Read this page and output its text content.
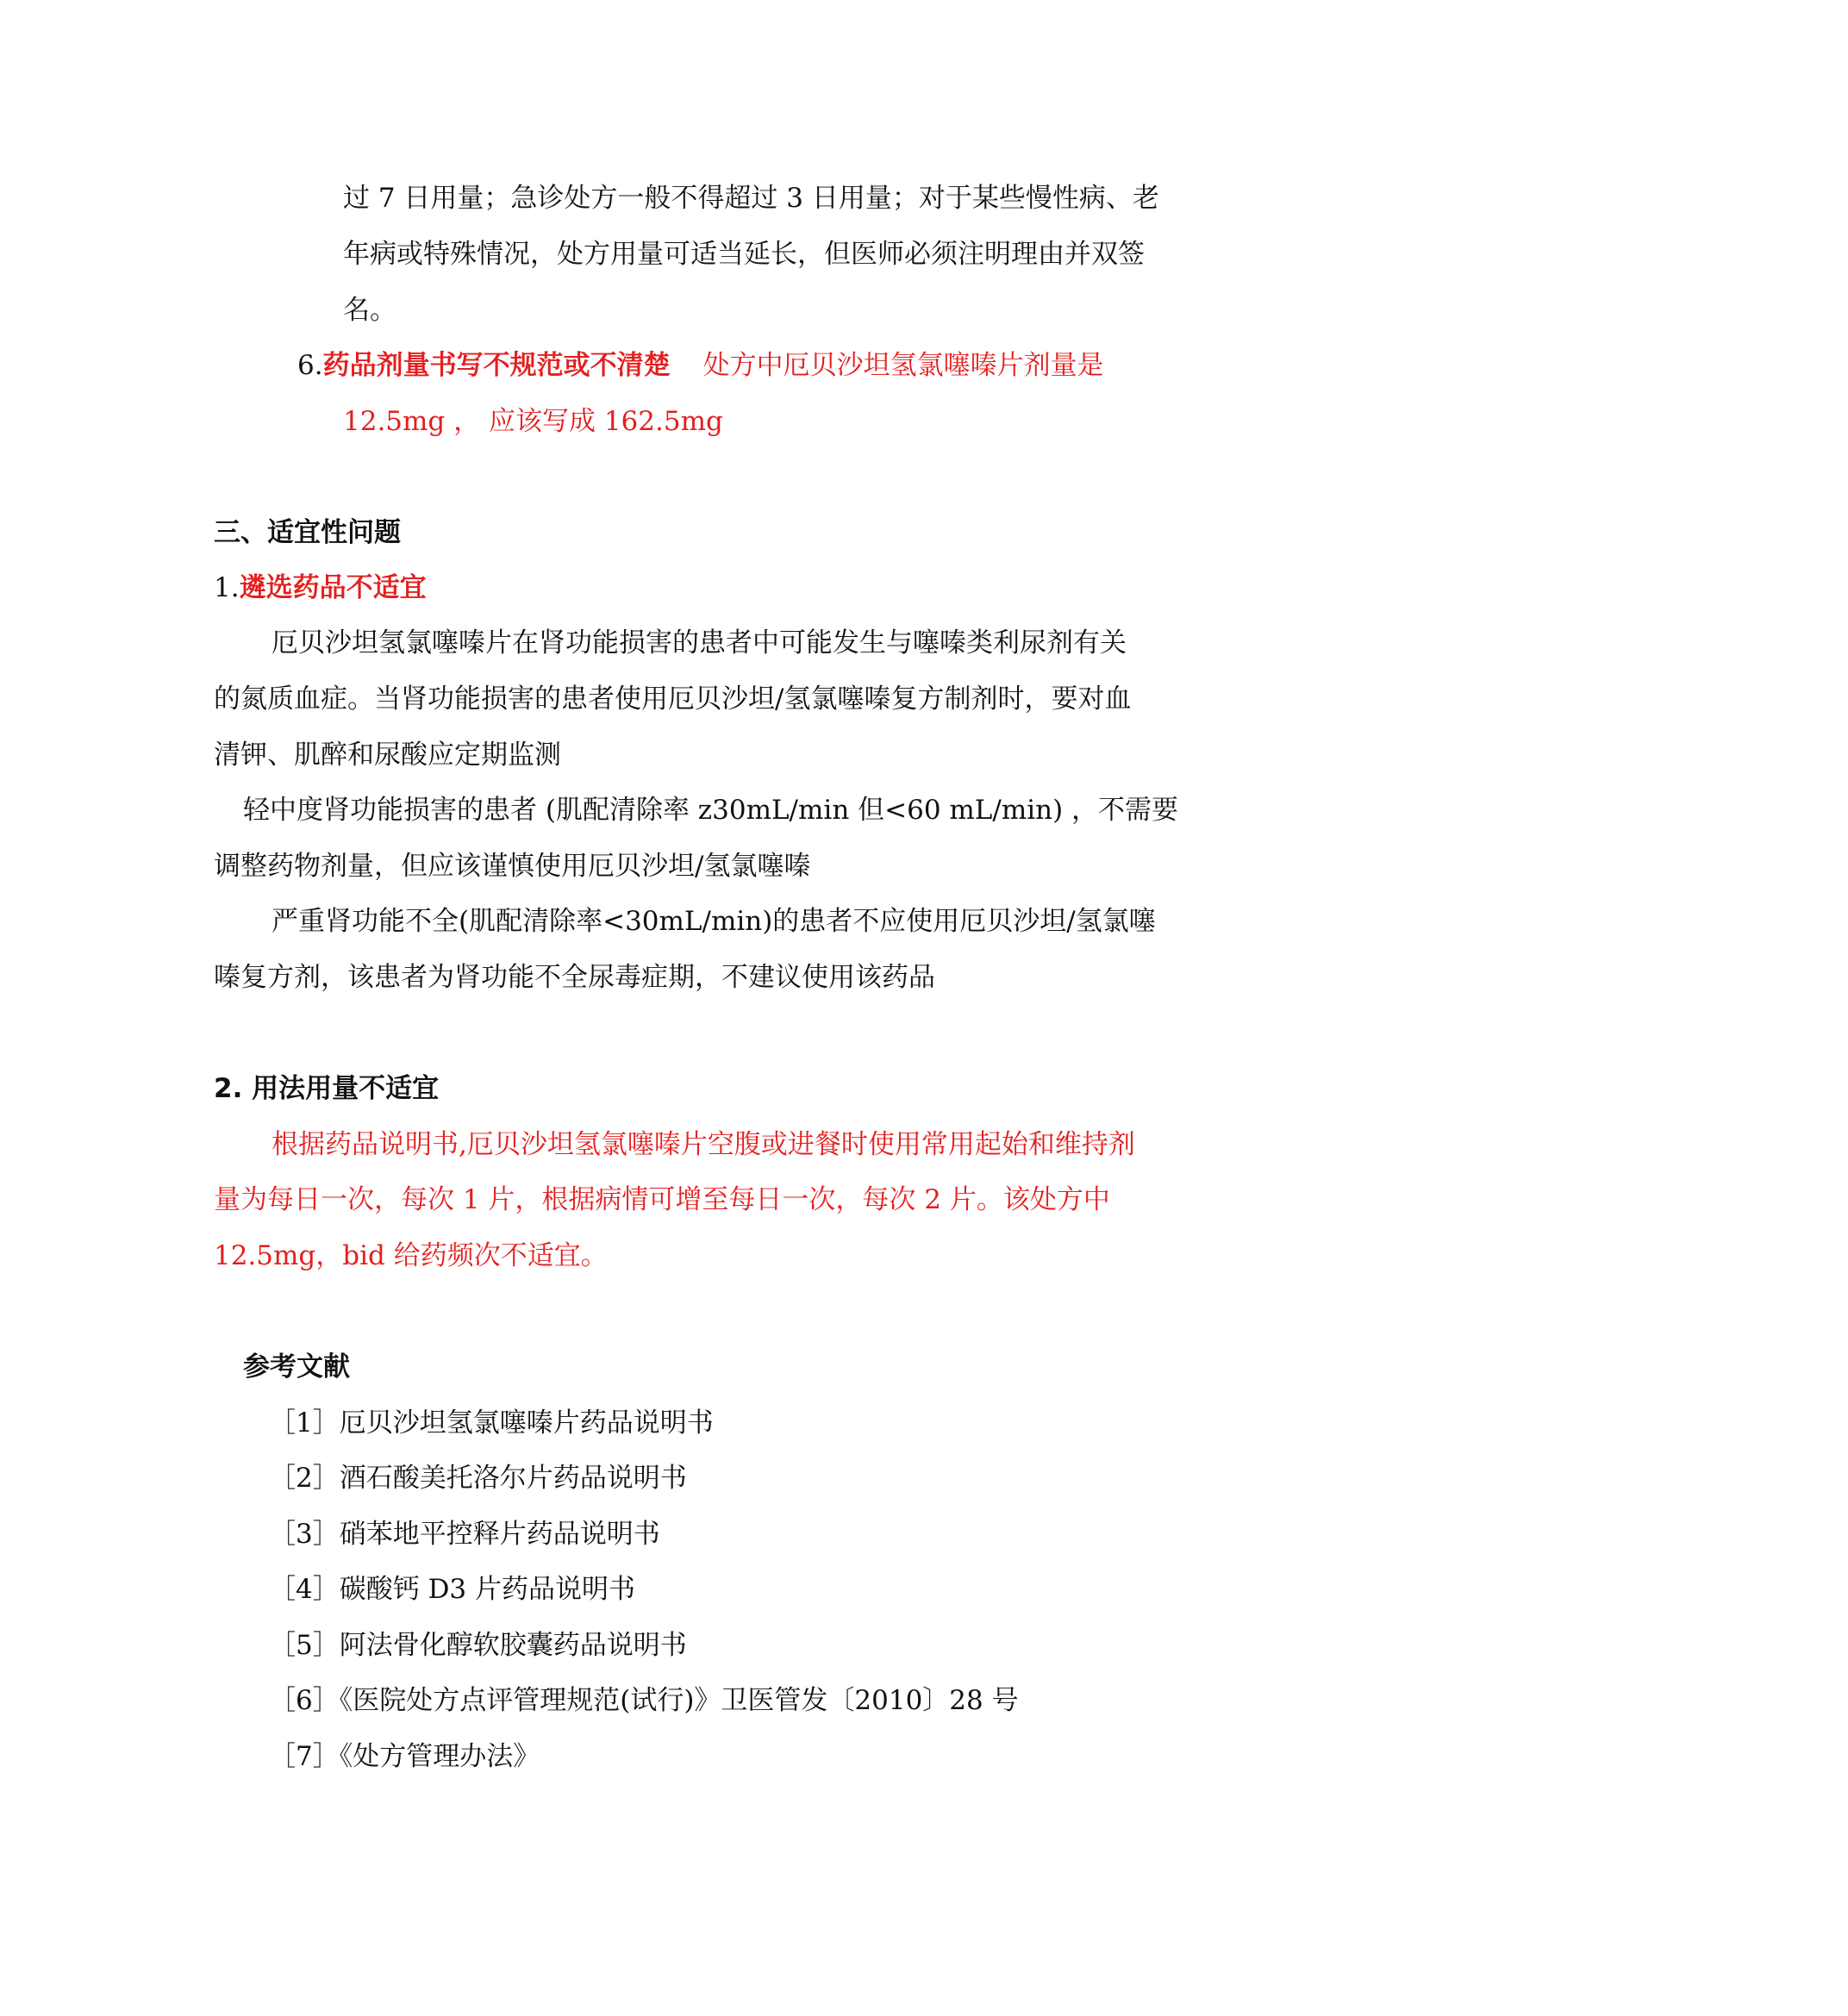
过 7 日用量；急诊处方一般不得超过 3 日用量；对于某些慢性病、老
年病或特殊情况，处方用量可适当延长，但医师必须注明理由并双签
名。
6.药品剂量书写不规范或不清楚 处方中厄贝沙坦氢氯噻嗪片剂量是
12.5mg ， 应该写成 162.5mg
三、适宜性问题
1.遴选药品不适宜
厄贝沙坦氢氯噻嗪片在肾功能损害的患者中可能发生与噻嗪类利尿剂有关
的氮质血症。当肾功能损害的患者使用厄贝沙坦/氢氯噻嗪复方制剂时，要对血
清钾、肌醉和尿酸应定期监测
轻中度肾功能损害的患者 (肌配清除率 z30mL/min 但<60 mL/min) ，不需要
调整药物剂量，但应该谨慎使用厄贝沙坦/氢氯噻嗪
严重肾功能不全(肌配清除率<30mL/min)的患者不应使用厄贝沙坦/氢氯噻
嗪复方剂，该患者为肾功能不全尿毒症期，不建议使用该药品
2. 用法用量不适宜
根据药品说明书,厄贝沙坦氢氯噻嗪片空腹或进餐时使用常用起始和维持剂
量为每日一次，每次 1 片，根据病情可增至每日一次，每次 2 片。该处方中
12.5mg，bid 给药频次不适宜。
参考文献
［1］厄贝沙坦氢氯噻嗪片药品说明书
［2］酒石酸美托洛尔片药品说明书
［3］硝苯地平控释片药品说明书
［4］碳酸钙 D3 片药品说明书
［5］阿法骨化醇软胶囊药品说明书
［6］《医院处方点评管理规范(试行)》卫医管发〔2010〕28 号
［7］《处方管理办法》
